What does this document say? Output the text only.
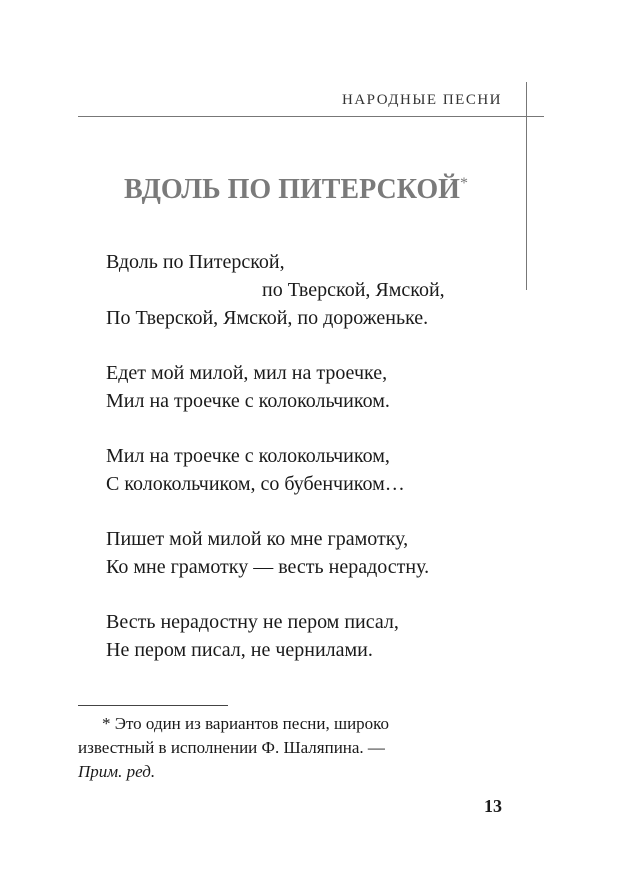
НАРОДНЫЕ ПЕСНИ
ВДОЛЬ ПО ПИТЕРСКОЙ*
Вдоль по Питерской,
по Тверской, Ямской,
По Тверской, Ямской, по дороженьке.
Едет мой милой, мил на троечке,
Мил на троечке с колокольчиком.
Мил на троечке с колокольчиком,
С колокольчиком, со бубенчиком…
Пишет мой милой ко мне грамотку,
Ко мне грамотку — весть нерадостну.
Весть нерадостну не пером писал,
Не пером писал, не чернилами.
* Это один из вариантов песни, широко
известный в исполнении Ф. Шаляпина. —
Прим. ред.
13
